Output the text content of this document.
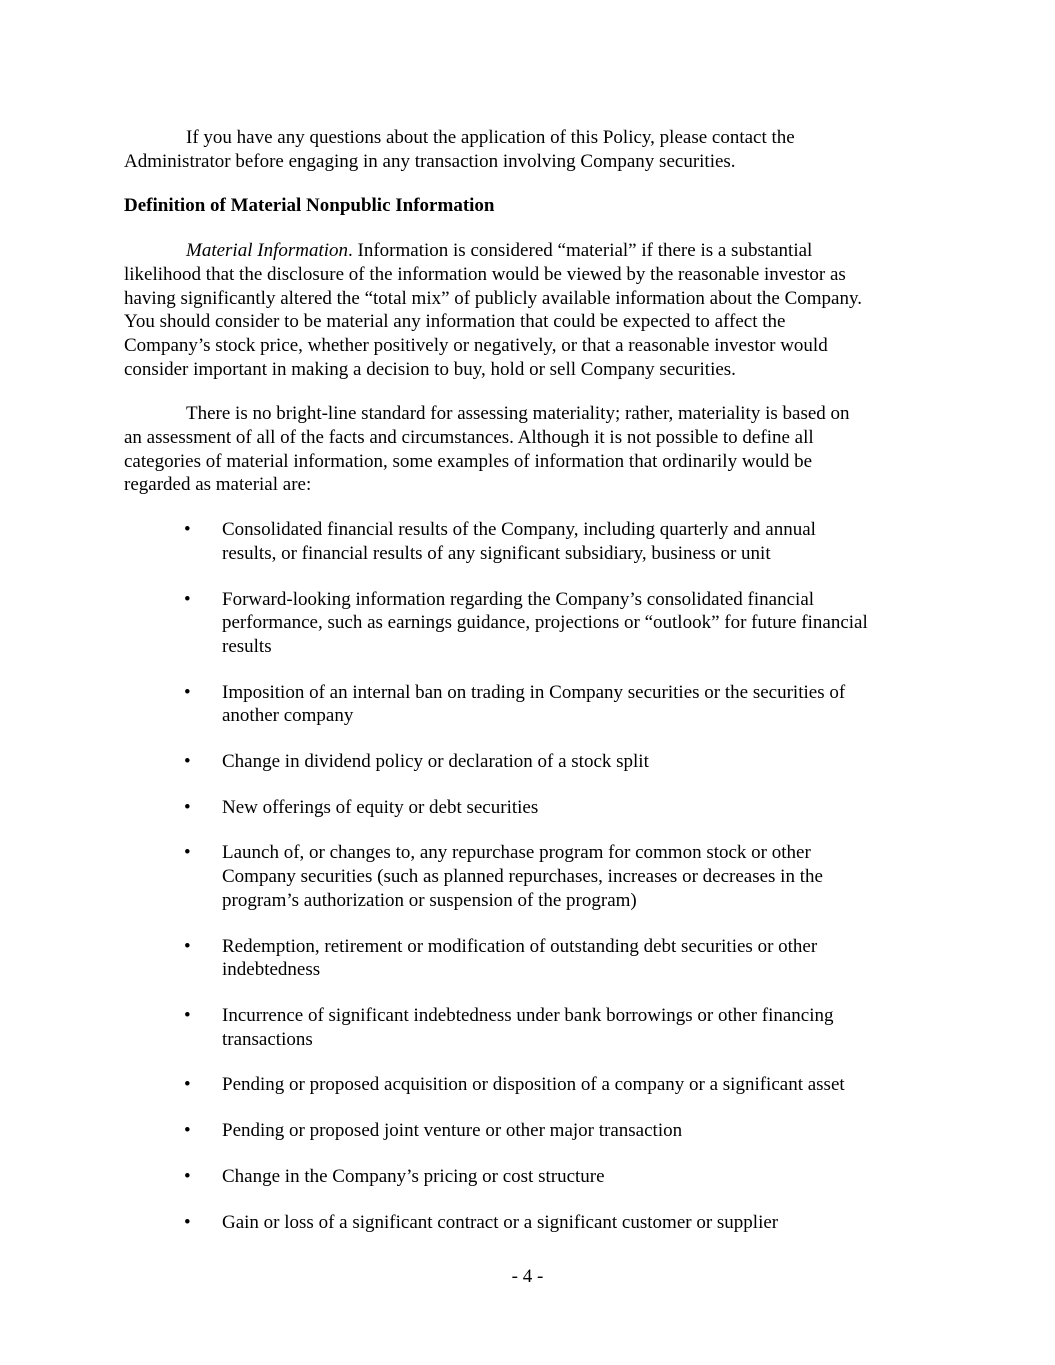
If you have any questions about the application of this Policy, please contact the
Administrator before engaging in any transaction involving Company securities.

Definition of Material Nonpublic Information

Material Information. Information is considered “material” if there is a substantial
likelihood that the disclosure of the information would be viewed by the reasonable investor as
having significantly altered the “total mix” of publicly available information about the Company.
You should consider to be material any information that could be expected to affect the
Company’s stock price, whether positively or negatively, or that a reasonable investor would
consider important in making a decision to buy, hold or sell Company securities.

There is no bright-line standard for assessing materiality; rather, materiality is based on
an assessment of all of the facts and circumstances. Although it is not possible to define all
categories of material information, some examples of information that ordinarily would be
regarded as material are:

• Consolidated financial results of the Company, including quarterly and annual
results, or financial results of any significant subsidiary, business or unit
• Forward-looking information regarding the Company’s consolidated financial
performance, such as earnings guidance, projections or “outlook” for future financial
results
• Imposition of an internal ban on trading in Company securities or the securities of
another company
• Change in dividend policy or declaration of a stock split
• New offerings of equity or debt securities
• Launch of, or changes to, any repurchase program for common stock or other
Company securities (such as planned repurchases, increases or decreases in the
program’s authorization or suspension of the program)
• Redemption, retirement or modification of outstanding debt securities or other
indebtedness
• Incurrence of significant indebtedness under bank borrowings or other financing
transactions
• Pending or proposed acquisition or disposition of a company or a significant asset
• Pending or proposed joint venture or other major transaction
• Change in the Company’s pricing or cost structure
• Gain or loss of a significant contract or a significant customer or supplier
- 4 -
